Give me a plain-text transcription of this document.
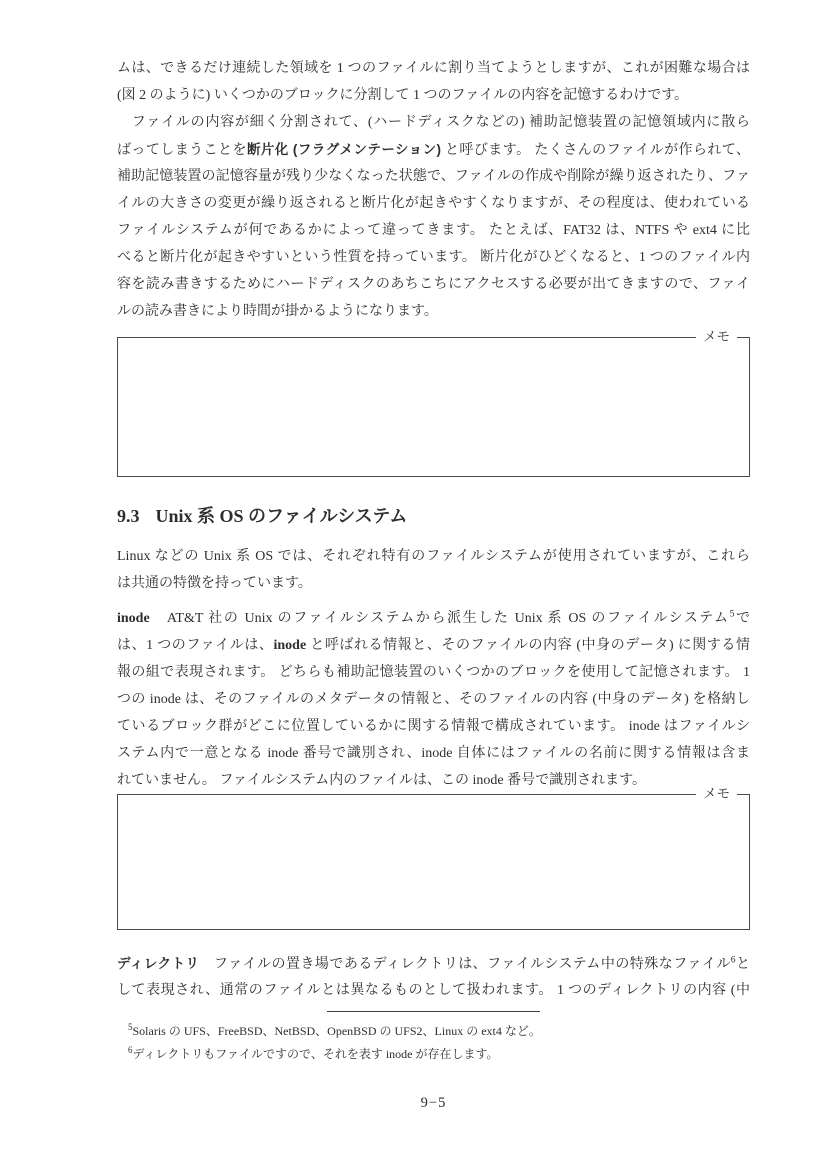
ムは、できるだけ連続した領域を 1 つのファイルに割り当てようとしますが、これが困難な場合は
(図 2 のように) いくつかのブロックに分割して 1 つのファイルの内容を記憶するわけです。
　ファイルの内容が細く分割されて、(ハードディスクなどの) 補助記憶装置の記憶領域内に散ら
ばってしまうことを断片化 (フラグメンテーション) と呼びます。 たくさんのファイルが作られて、
補助記憶装置の記憶容量が残り少なくなった状態で、ファイルの作成や削除が繰り返されたり、ファ
イルの大きさの変更が繰り返されると断片化が起きやすくなりますが、その程度は、使われている
ファイルシステムが何であるかによって違ってきます。 たとえば、FAT32 は、NTFS や ext4 に比
べると断片化が起きやすいという性質を持っています。 断片化がひどくなると、1 つのファイル内
容を読み書きするためにハードディスクのあちこちにアクセスする必要が出てきますので、ファイ
ルの読み書きにより時間が掛かるようになります。
メモ
9.3 Unix 系 OS のファイルシステム
Linux などの Unix 系 OS では、それぞれ特有のファイルシステムが使用されていますが、これら
は共通の特徴を持っています。
inode　AT&T 社の Unix のファイルシステムから派生した Unix 系 OS のファイルシステム$^5$で
は、1 つのファイルは、inode と呼ばれる情報と、そのファイルの内容 (中身のデータ) に関する情
報の組で表現されます。 どちらも補助記憶装置のいくつかのブロックを使用して記憶されます。 1
つの inode は、そのファイルのメタデータの情報と、そのファイルの内容 (中身のデータ) を格納し
ているブロック群がどこに位置しているかに関する情報で構成されています。 inode はファイルシ
ステム内で一意となる inode 番号で識別され、inode 自体にはファイルの名前に関する情報は含ま
れていません。 ファイルシステム内のファイルは、この inode 番号で識別されます。
メモ
ディレクトリ　ファイルの置き場であるディレクトリは、ファイルシステム中の特殊なファイル$^6$と
して表現され、通常のファイルとは異なるものとして扱われます。 1 つのディレクトリの内容 (中
$^5$Solaris の UFS、FreeBSD、NetBSD、OpenBSD の UFS2、Linux の ext4 など。
$^6$ディレクトリもファイルですので、それを表す inode が存在します。
9−5
